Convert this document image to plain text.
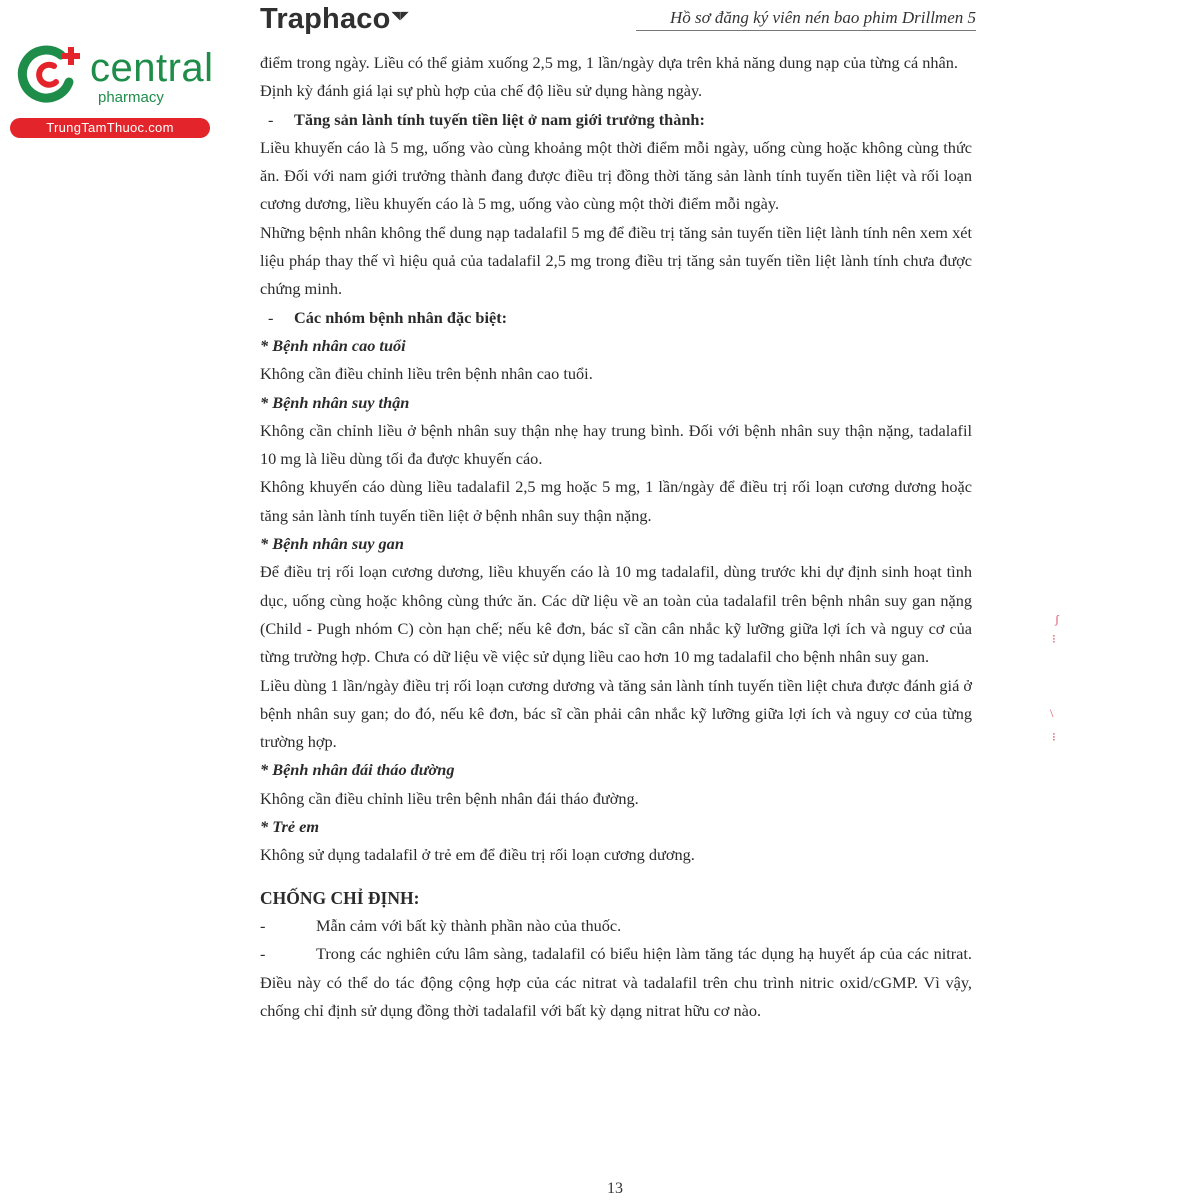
central
pharmacy
TrungTamThuoc.com
Traphaco◥◤	Hồ sơ đăng ký viên nén bao phim Drillmen 5

điểm trong ngày. Liều có thể giảm xuống 2,5 mg, 1 lần/ngày dựa trên khả năng dung nạp của từng cá nhân.

Định kỳ đánh giá lại sự phù hợp của chế độ liều sử dụng hàng ngày.

- Tăng sản lành tính tuyến tiền liệt ở nam giới trưởng thành:

Liều khuyến cáo là 5 mg, uống vào cùng khoảng một thời điểm mỗi ngày, uống cùng hoặc không cùng thức ăn. Đối với nam giới trưởng thành đang được điều trị đồng thời tăng sản lành tính tuyến tiền liệt và rối loạn cương dương, liều khuyến cáo là 5 mg, uống vào cùng một thời điểm mỗi ngày.

Những bệnh nhân không thể dung nạp tadalafil 5 mg để điều trị tăng sản tuyến tiền liệt lành tính nên xem xét liệu pháp thay thế vì hiệu quả của tadalafil 2,5 mg trong điều trị tăng sản tuyến tiền liệt lành tính chưa được chứng minh.

- Các nhóm bệnh nhân đặc biệt:

* Bệnh nhân cao tuổi

Không cần điều chỉnh liều trên bệnh nhân cao tuổi.

* Bệnh nhân suy thận

Không cần chỉnh liều ở bệnh nhân suy thận nhẹ hay trung bình. Đối với bệnh nhân suy thận nặng, tadalafil 10 mg là liều dùng tối đa được khuyến cáo.

Không khuyến cáo dùng liều tadalafil 2,5 mg hoặc 5 mg, 1 lần/ngày để điều trị rối loạn cương dương hoặc tăng sản lành tính tuyến tiền liệt ở bệnh nhân suy thận nặng.

* Bệnh nhân suy gan

Để điều trị rối loạn cương dương, liều khuyến cáo là 10 mg tadalafil, dùng trước khi dự định sinh hoạt tình dục, uống cùng hoặc không cùng thức ăn. Các dữ liệu về an toàn của tadalafil trên bệnh nhân suy gan nặng (Child - Pugh nhóm C) còn hạn chế; nếu kê đơn, bác sĩ cần cân nhắc kỹ lưỡng giữa lợi ích và nguy cơ của từng trường hợp. Chưa có dữ liệu về việc sử dụng liều cao hơn 10 mg tadalafil cho bệnh nhân suy gan.

Liều dùng 1 lần/ngày điều trị rối loạn cương dương và tăng sản lành tính tuyến tiền liệt chưa được đánh giá ở bệnh nhân suy gan; do đó, nếu kê đơn, bác sĩ cần phải cân nhắc kỹ lưỡng giữa lợi ích và nguy cơ của từng trường hợp.

* Bệnh nhân đái tháo đường

Không cần điều chỉnh liều trên bệnh nhân đái tháo đường.

* Trẻ em

Không sử dụng tadalafil ở trẻ em để điều trị rối loạn cương dương.

CHỐNG CHỈ ĐỊNH:

-	Mẫn cảm với bất kỳ thành phần nào của thuốc.

-	Trong các nghiên cứu lâm sàng, tadalafil có biểu hiện làm tăng tác dụng hạ huyết áp của các nitrat. Điều này có thể do tác động cộng hợp của các nitrat và tadalafil trên chu trình nitric oxid/cGMP. Vì vậy, chống chỉ định sử dụng đồng thời tadalafil với bất kỳ dạng nitrat hữu cơ nào.

13
ʃ
⁝
\
⁝
